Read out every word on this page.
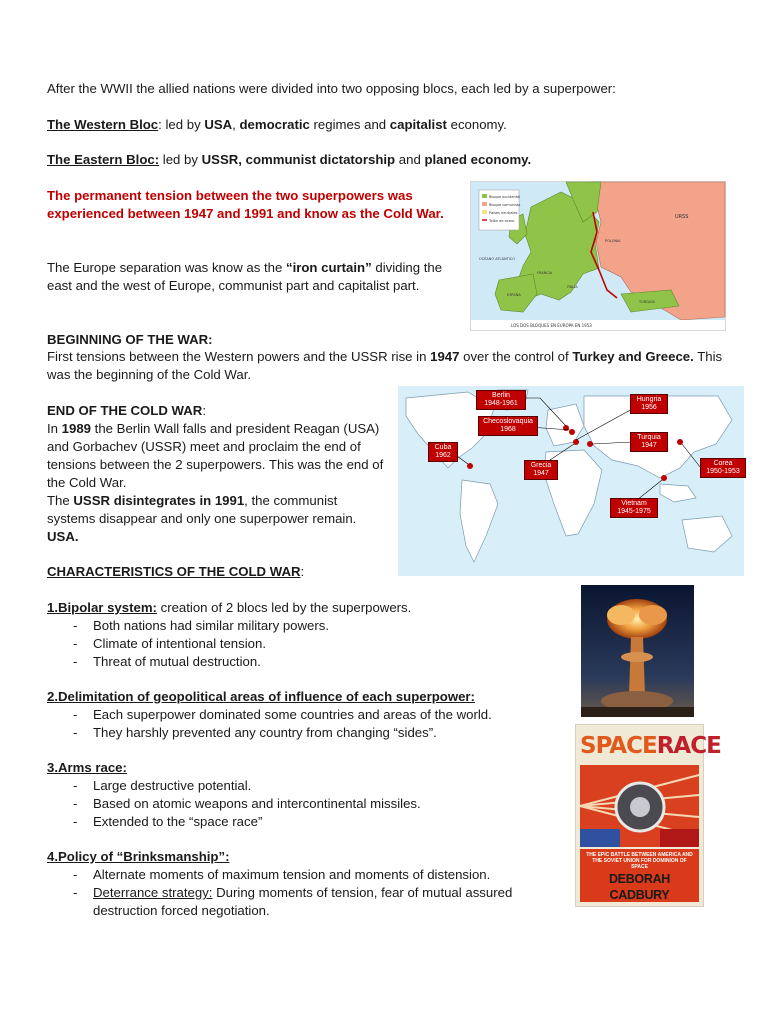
After the WWII the allied nations were divided into two opposing blocs, each led by a superpower:

The Western Bloc: led by USA, democratic regimes and capitalist economy.

The Eastern Bloc: led by USSR, communist dictatorship and planed economy.

The permanent tension between the two superpowers was experienced between 1947 and 1991 and know as the Cold War.

The Europe separation was know as the “iron curtain” dividing the east and the west of Europe, communist part and capitalist part.

Bloque occidental
Bloque comunista
Países neutrales
Telón de acero
URSS
OCÉANO ATLÁNTICO
ESPAÑA
FRANCIA
POLONIA
ITALIA
TURQUÍA
LOS DOS BLOQUES EN EUROPA EN 1953

BEGINNING OF THE WAR:

First tensions between the Western powers and the USSR rise in 1947 over the control of Turkey and Greece. This was the beginning of the Cold War.

Berlin
1948-1961
Hungria
1956
Checoslovaquia
1968
Turquia
1947
Cuba
1962
Grecia
1947
Corea
1950-1953
Vietnam
1945-1975

END OF THE COLD WAR:

In 1989 the Berlin Wall falls and president Reagan (USA) and Gorbachev (USSR) meet and proclaim the end of tensions between the 2 superpowers. This was the end of the Cold War.

The USSR disintegrates in 1991, the communist systems disappear and only one superpower remain.

USA.

CHARACTERISTICS OF THE COLD WAR:

1.Bipolar system: creation of 2 blocs led by the superpowers.

- Both nations had similar military powers.

- Climate of intentional tension.

- Threat of mutual destruction.

2.Delimitation of geopolitical areas of influence of each superpower:

- Each superpower dominated some countries and areas of the world.

- They harshly prevented any country from changing “sides”.

3.Arms race:

- Large destructive potential.

- Based on atomic weapons and intercontinental missiles.

- Extended to the “space race”

4.Policy of “Brinksmanship”:

- Alternate moments of maximum tension and moments of distension.

- Deterrance strategy: During moments of tension, fear of mutual assured destruction forced negotiation.

SPACERACE
THE EPIC BATTLE BETWEEN AMERICA AND THE SOVIET UNION FOR DOMINION OF SPACE
DEBORAH CADBURY
